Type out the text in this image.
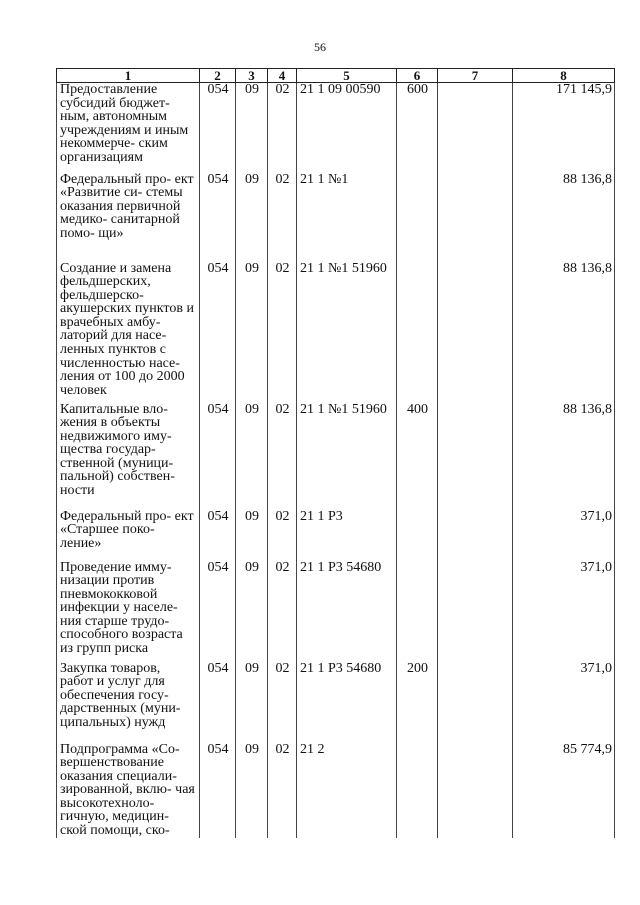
56
1	2	3	4	5	6	7	8
Предоставление субсидий бюджет- ным, автономным учреждениям и иным некоммерче- ским организациям	054	09	02	21 1 09 00590	600		171 145,9
Федеральный про- ект «Развитие си- стемы оказания первичной медико- санитарной помо- щи»	054	09	02	21 1 №1			88 136,8
Создание и замена фельдшерских, фельдшерско- акушерских пунктов и врачебных амбу- латорий для насе- ленных пунктов с численностью насе- ления от 100 до 2000 человек	054	09	02	21 1 №1 51960			88 136,8
Капитальные вло- жения в объекты недвижимого иму- щества государ- ственной (муници- пальной) собствен- ности	054	09	02	21 1 №1 51960	400		88 136,8
Федеральный про- ект «Старшее поко- ление»	054	09	02	21 1 P3			371,0
Проведение имму- низации против пневмококковой инфекции у населе- ния старше трудо- способного возраста из групп риска	054	09	02	21 1 P3 54680			371,0
Закупка товаров, работ и услуг для обеспечения госу- дарственных (муни- ципальных) нужд	054	09	02	21 1 P3 54680	200		371,0
Подпрограмма «Со- вершенствование оказания специали- зированной, вклю- чая высокотехноло- гичную, медицин- ской помощи, ско-	054	09	02	21 2			85 774,9
